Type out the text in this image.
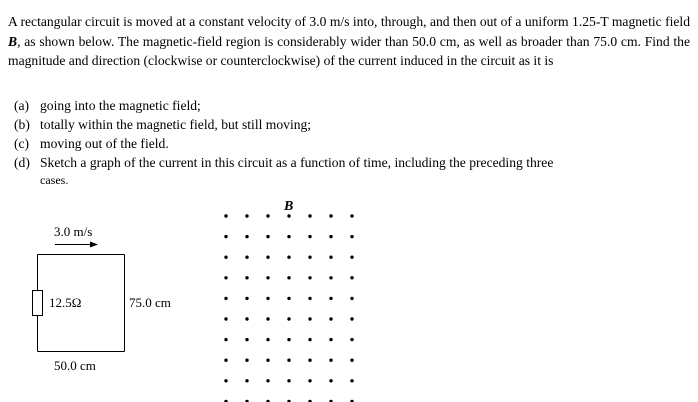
A rectangular circuit is moved at a constant velocity of 3.0 m/s into, through, and then out of a uniform 1.25-T magnetic field B, as shown below. The magnetic-field region is considerably wider than 50.0 cm, as well as broader than 75.0 cm. Find the magnitude and direction (clockwise or counterclockwise) of the current induced in the circuit as it is
(a) going into the magnetic field;
(b) totally within the magnetic field, but still moving;
(c) moving out of the field.
(d) Sketch a graph of the current in this circuit as a function of time, including the preceding three
cases.
3.0 m/s
12.5Ω	75.0 cm
50.0 cm
B
